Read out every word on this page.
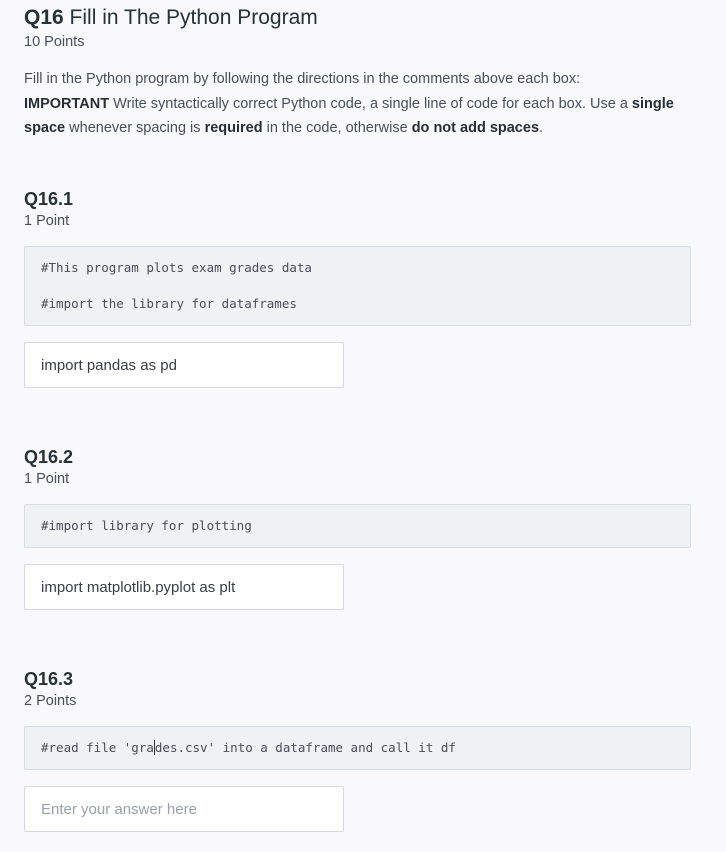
Q16 Fill in The Python Program
10 Points
Fill in the Python program by following the directions in the comments above each box:
IMPORTANT Write syntactically correct Python code, a single line of code for each box. Use a single space whenever spacing is required in the code, otherwise do not add spaces.
Q16.1
1 Point
#This program plots exam grades data
#import the library for dataframes
import pandas as pd
Q16.2
1 Point
#import library for plotting
import matplotlib.pyplot as plt
Q16.3
2 Points
#read file 'grades.csv' into a dataframe and call it df
Enter your answer here
